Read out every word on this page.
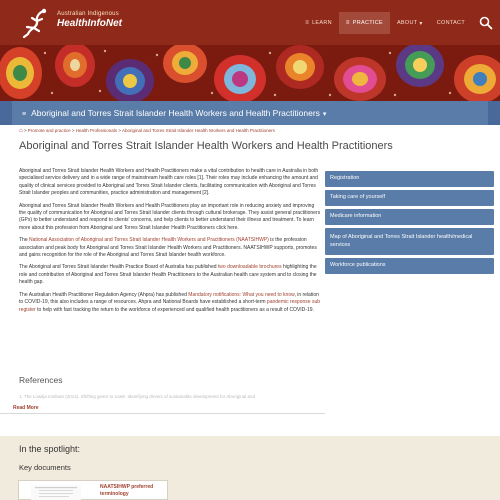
Australian Indigenous
HealthInfoNet	≡ LEARN ≡ PRACTICE	ABOUT ▾	CONTACT
≡ Aboriginal and Torres Strait Islander Health Workers and Health Practitioners ▾
⌂ > Promote and practice > Health Professionals > Aboriginal and Torres Strait Islander Health Workers and Health Practitioners
Aboriginal and Torres Strait Islander Health Workers and Health Practitioners

Aboriginal and Torres Strait Islander Health Workers and Health Practitioners make a vital contribution to health care in Australia in both specialised service delivery and in a wide range of mainstream health care roles [1]. Their roles may include enhancing the amount and quality of clinical services provided to Aboriginal and Torres Strait Islander clients, facilitating communication with Aboriginal and Torres Strait Islander peoples and communities, practice administration and management [2].

Aboriginal and Torres Strait Islander Health Workers and Health Practitioners play an important role in reducing anxiety and improving the quality of communication for Aboriginal and Torres Strait Islander clients through cultural brokerage. They assist general practitioners (GPs) to better understand and respond to clients' concerns, and help clients to better understand their illness and treatment. To learn more about this profession from Aboriginal and Torres Strait Islander Health Practitioners click here.

The National Association of Aboriginal and Torres Strait Islander Health Workers and Practitioners (NAATSIHWP) is the profession association and peak body for Aboriginal and Torres Strait Islander Health Workers and Practitioners. NAATSIHWP supports, promotes and gains recognition for the role of the Aboriginal and Torres Strait Islander health workforce.

The Aboriginal and Torres Strait Islander Health Practice Board of Australia has published two downloadable brochures highlighting the role and contribution of Aboriginal and Torres Strait Islander Health Practitioners to the Australian health care system and to closing the health gap.

The Australian Health Practitioner Regulation Agency (Ahpra) has published Mandatory notifications: What you need to know, in relation to COVID-19, this also includes a range of resources. Ahpra and National Boards have established a short-term pandemic response sub register to help with fast tracking the return to the workforce of experienced and qualified health practitioners as a result of COVID-19.

References
1. The Lowitja Institute (2014). Shifting gears to scale: Identifying drivers of sustainable development for Aboriginal and
Read More
Registration
Taking care of yourself
Medicare information
Map of Aboriginal and Torres Strait Islander health/medical services
Workforce publications
In the spotlight:
Key documents
NAATSIHWP preferred terminology
